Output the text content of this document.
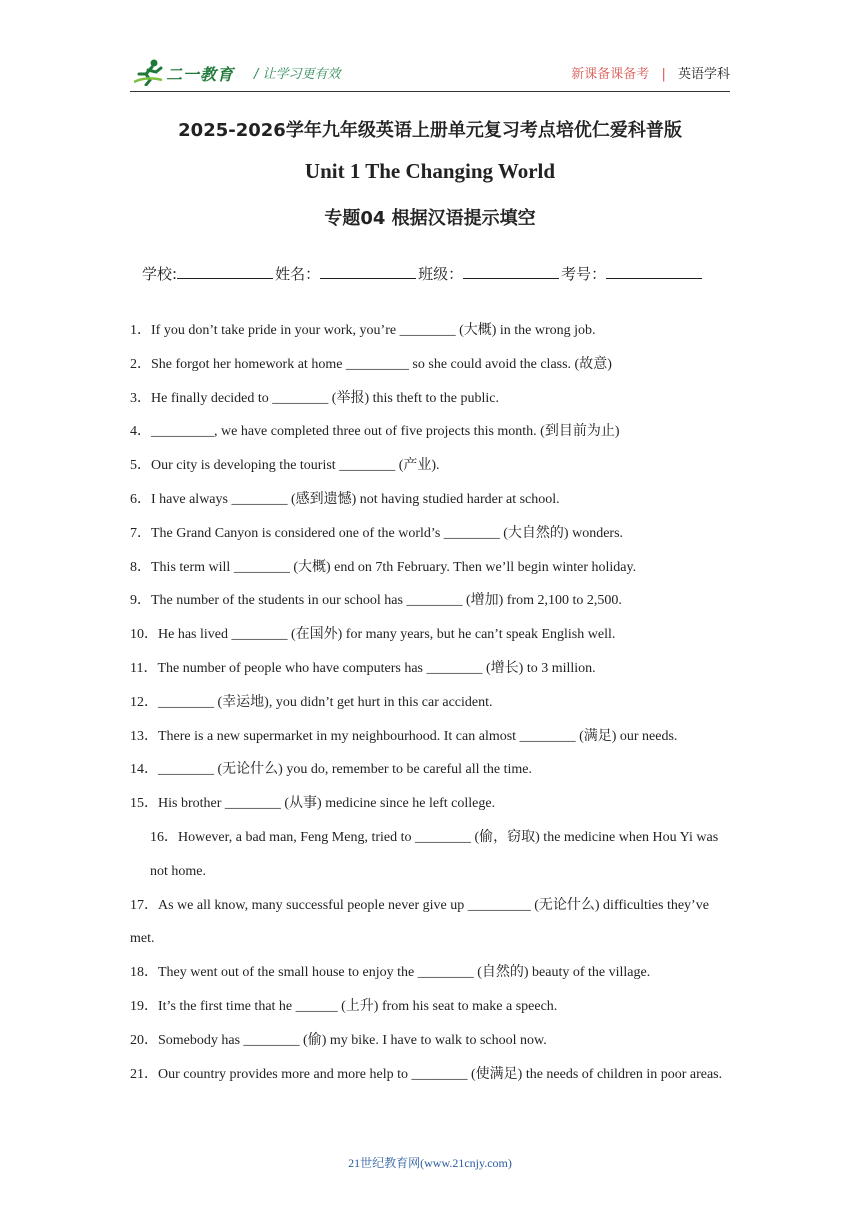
二一教育 / 让学习更有效	新课备课备考 | 英语学科
2025-2026学年九年级英语上册单元复习考点培优仁爱科普版
Unit 1 The Changing World
专题04 根据汉语提示填空
学校:	姓名：	班级：	考号：
1．If you don’t take pride in your work, you’re ________ (大概) in the wrong job.
2．She forgot her homework at home _________ so she could avoid the class. (故意)
3．He finally decided to ________ (举报) this theft to the public.
4．_________, we have completed three out of five projects this month. (到目前为止)
5．Our city is developing the tourist ________ (产业).
6．I have always ________ (感到遗憾) not having studied harder at school.
7．The Grand Canyon is considered one of the world’s ________ (大自然的) wonders.
8．This term will ________ (大概) end on 7th February. Then we’ll begin winter holiday.
9．The number of the students in our school has ________ (增加) from 2,100 to 2,500.
10．He has lived ________ (在国外) for many years, but he can’t speak English well.
11．The number of people who have computers has ________ (增长) to 3 million.
12．________ (幸运地), you didn’t get hurt in this car accident.
13．There is a new supermarket in my neighbourhood. It can almost ________ (满足) our needs.
14．________ (无论什么) you do, remember to be careful all the time.
15．His brother ________ (从事) medicine since he left college.
16．However, a bad man, Feng Meng, tried to ________ (偷，窃取) the medicine when Hou Yi was not home.
17．As we all know, many successful people never give up _________ (无论什么) difficulties they’ve met.
18．They went out of the small house to enjoy the ________ (自然的) beauty of the village.
19．It’s the first time that he ______ (上升) from his seat to make a speech.
20．Somebody has ________ (偷) my bike. I have to walk to school now.
21．Our country provides more and more help to ________ (使满足) the needs of children in poor areas.
21世纪教育网(www.21cnjy.com)
